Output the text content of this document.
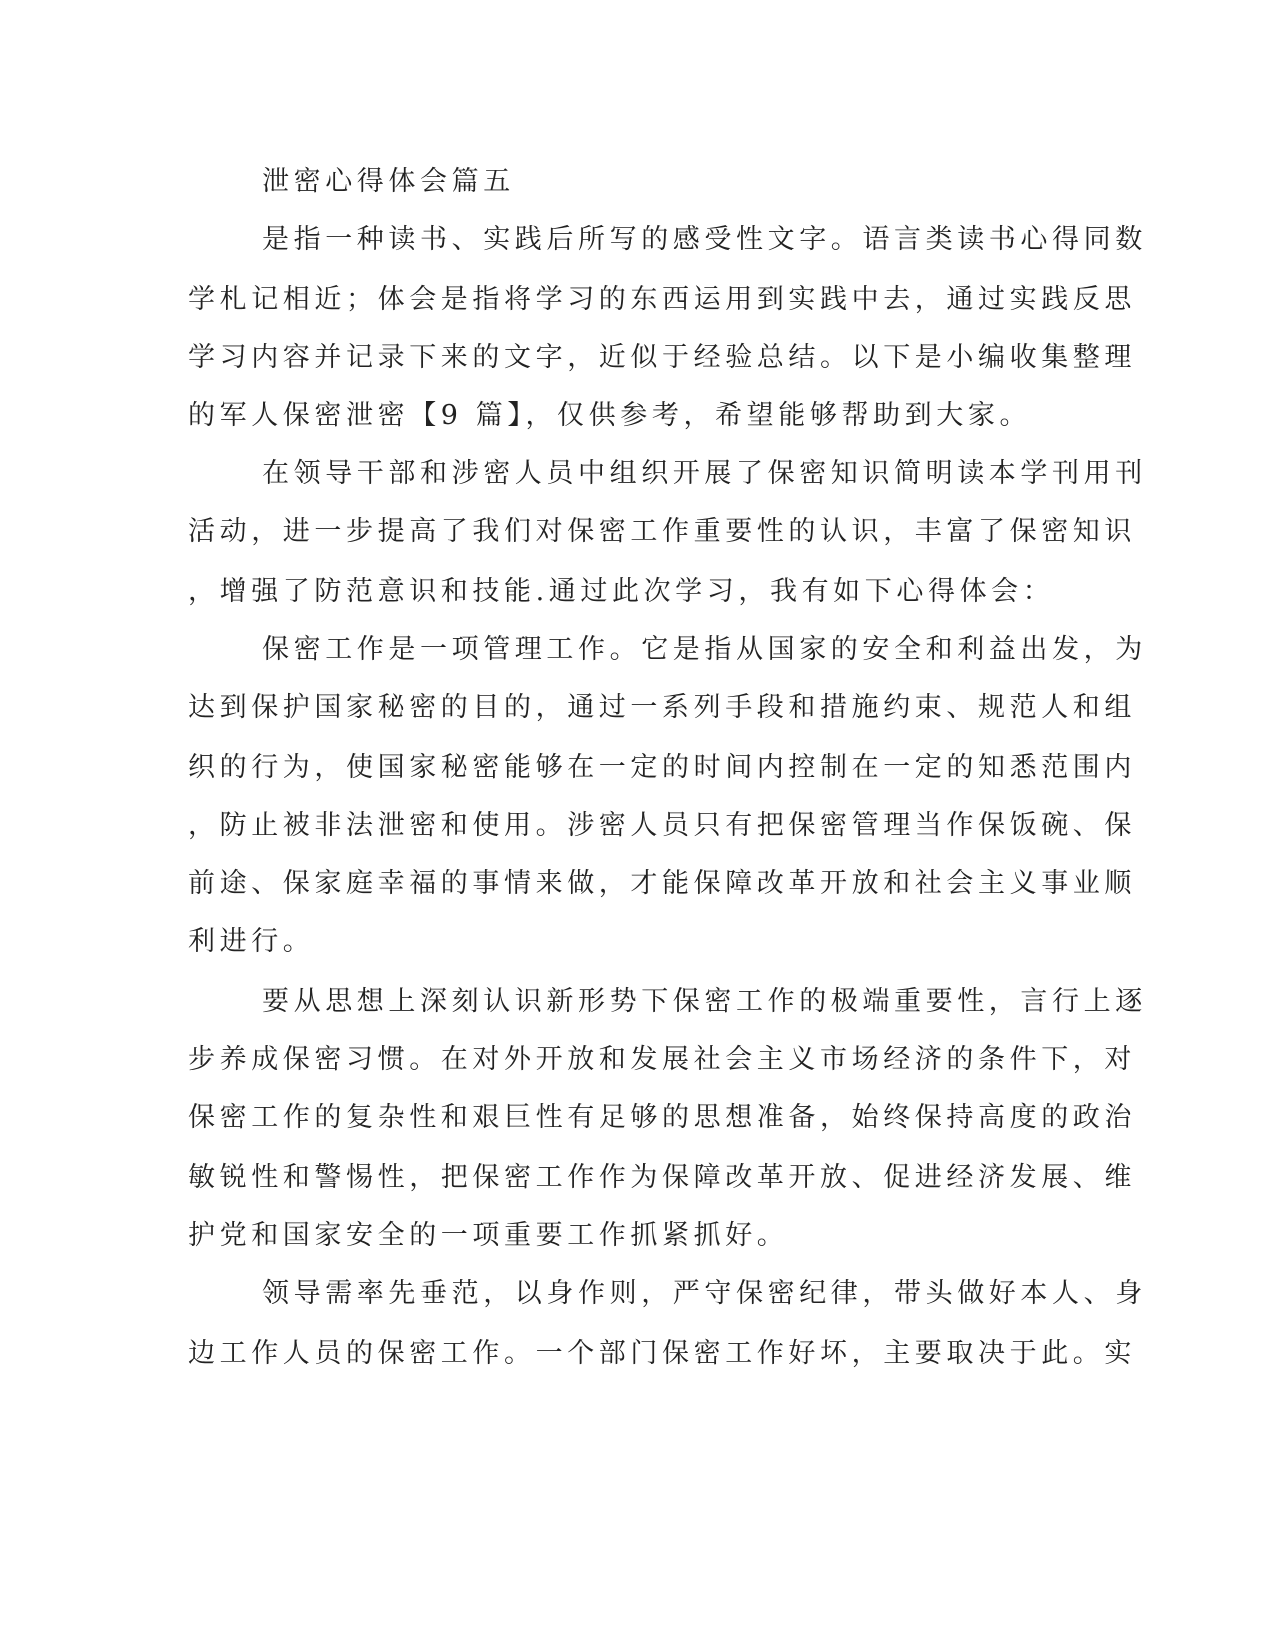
泄密心得体会篇五
是指一种读书、实践后所写的感受性文字。语言类读书心得同数
学札记相近；体会是指将学习的东西运用到实践中去，通过实践反思
学习内容并记录下来的文字，近似于经验总结。以下是小编收集整理
的军人保密泄密【9 篇】，仅供参考，希望能够帮助到大家。
在领导干部和涉密人员中组织开展了保密知识简明读本学刊用刊
活动，进一步提高了我们对保密工作重要性的认识，丰富了保密知识
，增强了防范意识和技能.通过此次学习，我有如下心得体会：
保密工作是一项管理工作。它是指从国家的安全和利益出发，为
达到保护国家秘密的目的，通过一系列手段和措施约束、规范人和组
织的行为，使国家秘密能够在一定的时间内控制在一定的知悉范围内
，防止被非法泄密和使用。涉密人员只有把保密管理当作保饭碗、保
前途、保家庭幸福的事情来做，才能保障改革开放和社会主义事业顺
利进行。
要从思想上深刻认识新形势下保密工作的极端重要性，言行上逐
步养成保密习惯。在对外开放和发展社会主义市场经济的条件下，对
保密工作的复杂性和艰巨性有足够的思想准备，始终保持高度的政治
敏锐性和警惕性，把保密工作作为保障改革开放、促进经济发展、维
护党和国家安全的一项重要工作抓紧抓好。
领导需率先垂范，以身作则，严守保密纪律，带头做好本人、身
边工作人员的保密工作。一个部门保密工作好坏，主要取决于此。实
